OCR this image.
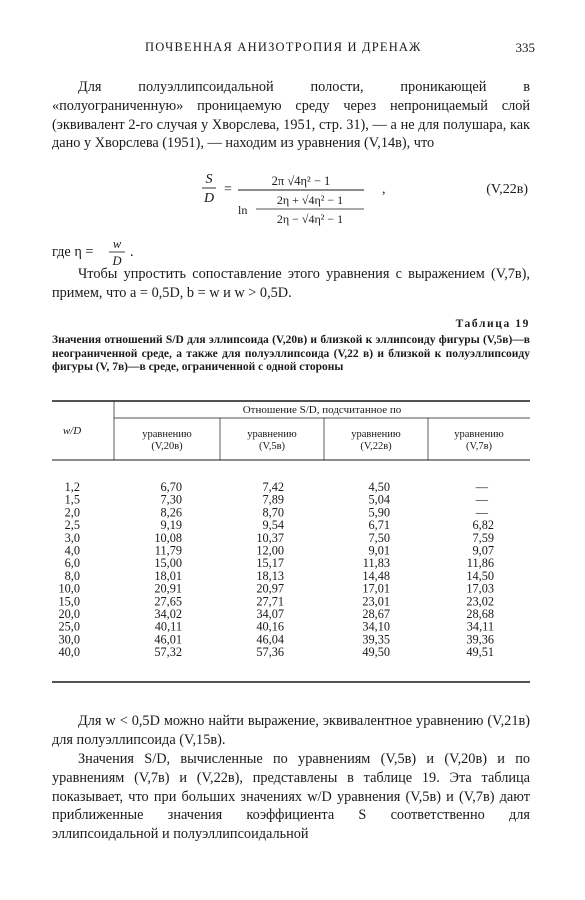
ПОЧВЕННАЯ АНИЗОТРОПИЯ И ДРЕНАЖ	335

Для полуэллипсоидальной полости, проникающей в «полуограниченную» проницаемую среду через непроницаемый слой (эквивалент 2-го случая у Хворслева, 1951, стр. 31), — а не для полушара, как дано у Хворслева (1951), — находим из уравнения (V,14в), что

S
D
=
2π √4η² − 1
ln
2η + √4η² − 1
2η − √4η² − 1
,	(V,22в)
где η = w
D
.

Чтобы упростить сопоставление этого уравнения с выражением (V,7в), примем, что a = 0,5D, b = w и w > 0,5D.

Таблица 19

Значения отношений S/D для эллипсоида (V,20в) и близкой к эллипсоиду фигуры (V,5в)—в неограниченной среде, а также для полуэллипсоида (V,22 в) и близкой к полуэллипсоиду фигуры (V, 7в)—в среде, ограниченной с одной стороны

w/D
Отношение S/D, подсчитанное по
уравнению
(V,20в)
уравнению
(V,5в)
уравнению
(V,22в)
уравнению
(V,7в)
1,2	6,70	7,42	4,50	—
1,5	7,30	7,89	5,04	—
2,0	8,26	8,70	5,90	—
2,5	9,19	9,54	6,71	6,82
3,0	10,08	10,37	7,50	7,59
4,0	11,79	12,00	9,01	9,07
6,0	15,00	15,17	11,83	11,86
8,0	18,01	18,13	14,48	14,50
10,0	20,91	20,97	17,01	17,03
15,0	27,65	27,71	23,01	23,02
20,0	34,02	34,07	28,67	28,68
25,0	40,11	40,16	34,10	34,11
30,0	46,01	46,04	39,35	39,36
40,0	57,32	57,36	49,50	49,51

Для w < 0,5D можно найти выражение, эквивалентное уравнению (V,21в) для полуэллипсоида (V,15в).

Значения S/D, вычисленные по уравнениям (V,5в) и (V,20в) и по уравнениям (V,7в) и (V,22в), представлены в таблице 19. Эта таблица показывает, что при больших значениях w/D уравнения (V,5в) и (V,7в) дают приближенные значения коэффициента S соответственно для эллипсоидальной и полуэллипсоидальной
